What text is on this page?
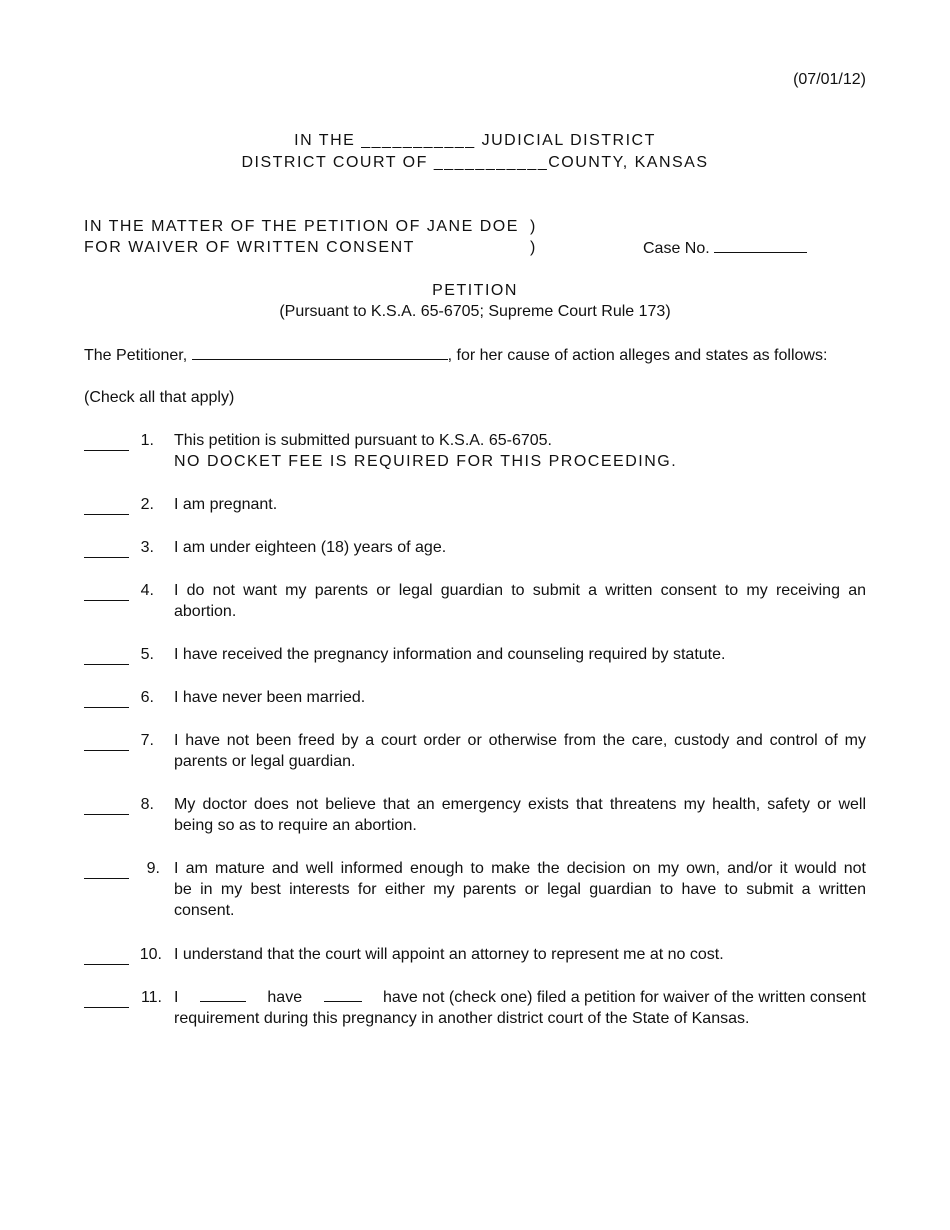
(07/01/12)
IN THE ___________ JUDICIAL DISTRICT
DISTRICT COURT OF ___________COUNTY, KANSAS
IN THE MATTER OF THE PETITION OF JANE DOE )
FOR WAIVER OF WRITTEN CONSENT	)	Case No.
PETITION
(Pursuant to K.S.A. 65-6705; Supreme Court Rule 173)
The Petitioner,	, for her cause of action alleges and states as follows:
(Check all that apply)
1. This petition is submitted pursuant to K.S.A. 65-6705.
NO DOCKET FEE IS REQUIRED FOR THIS PROCEEDING.
2. I am pregnant.
3. I am under eighteen (18) years of age.
4. I do not want my parents or legal guardian to submit a written consent to my receiving an
abortion.
5. I have received the pregnancy information and counseling required by statute.
6. I have never been married.
7. I have not been freed by a court order or otherwise from the care, custody and control of my
parents or legal guardian.
8. My doctor does not believe that an emergency exists that threatens my health, safety or well
being so as to require an abortion.
9. I am mature and well informed enough to make the decision on my own, and/or it would not
be in my best interests for either my parents or legal guardian to have to submit a written
consent.
10. I understand that the court will appoint an attorney to represent me at no cost.
11. I	have	have not (check one) filed a petition for waiver of the written consent
requirement during this pregnancy in another district court of the State of Kansas.
